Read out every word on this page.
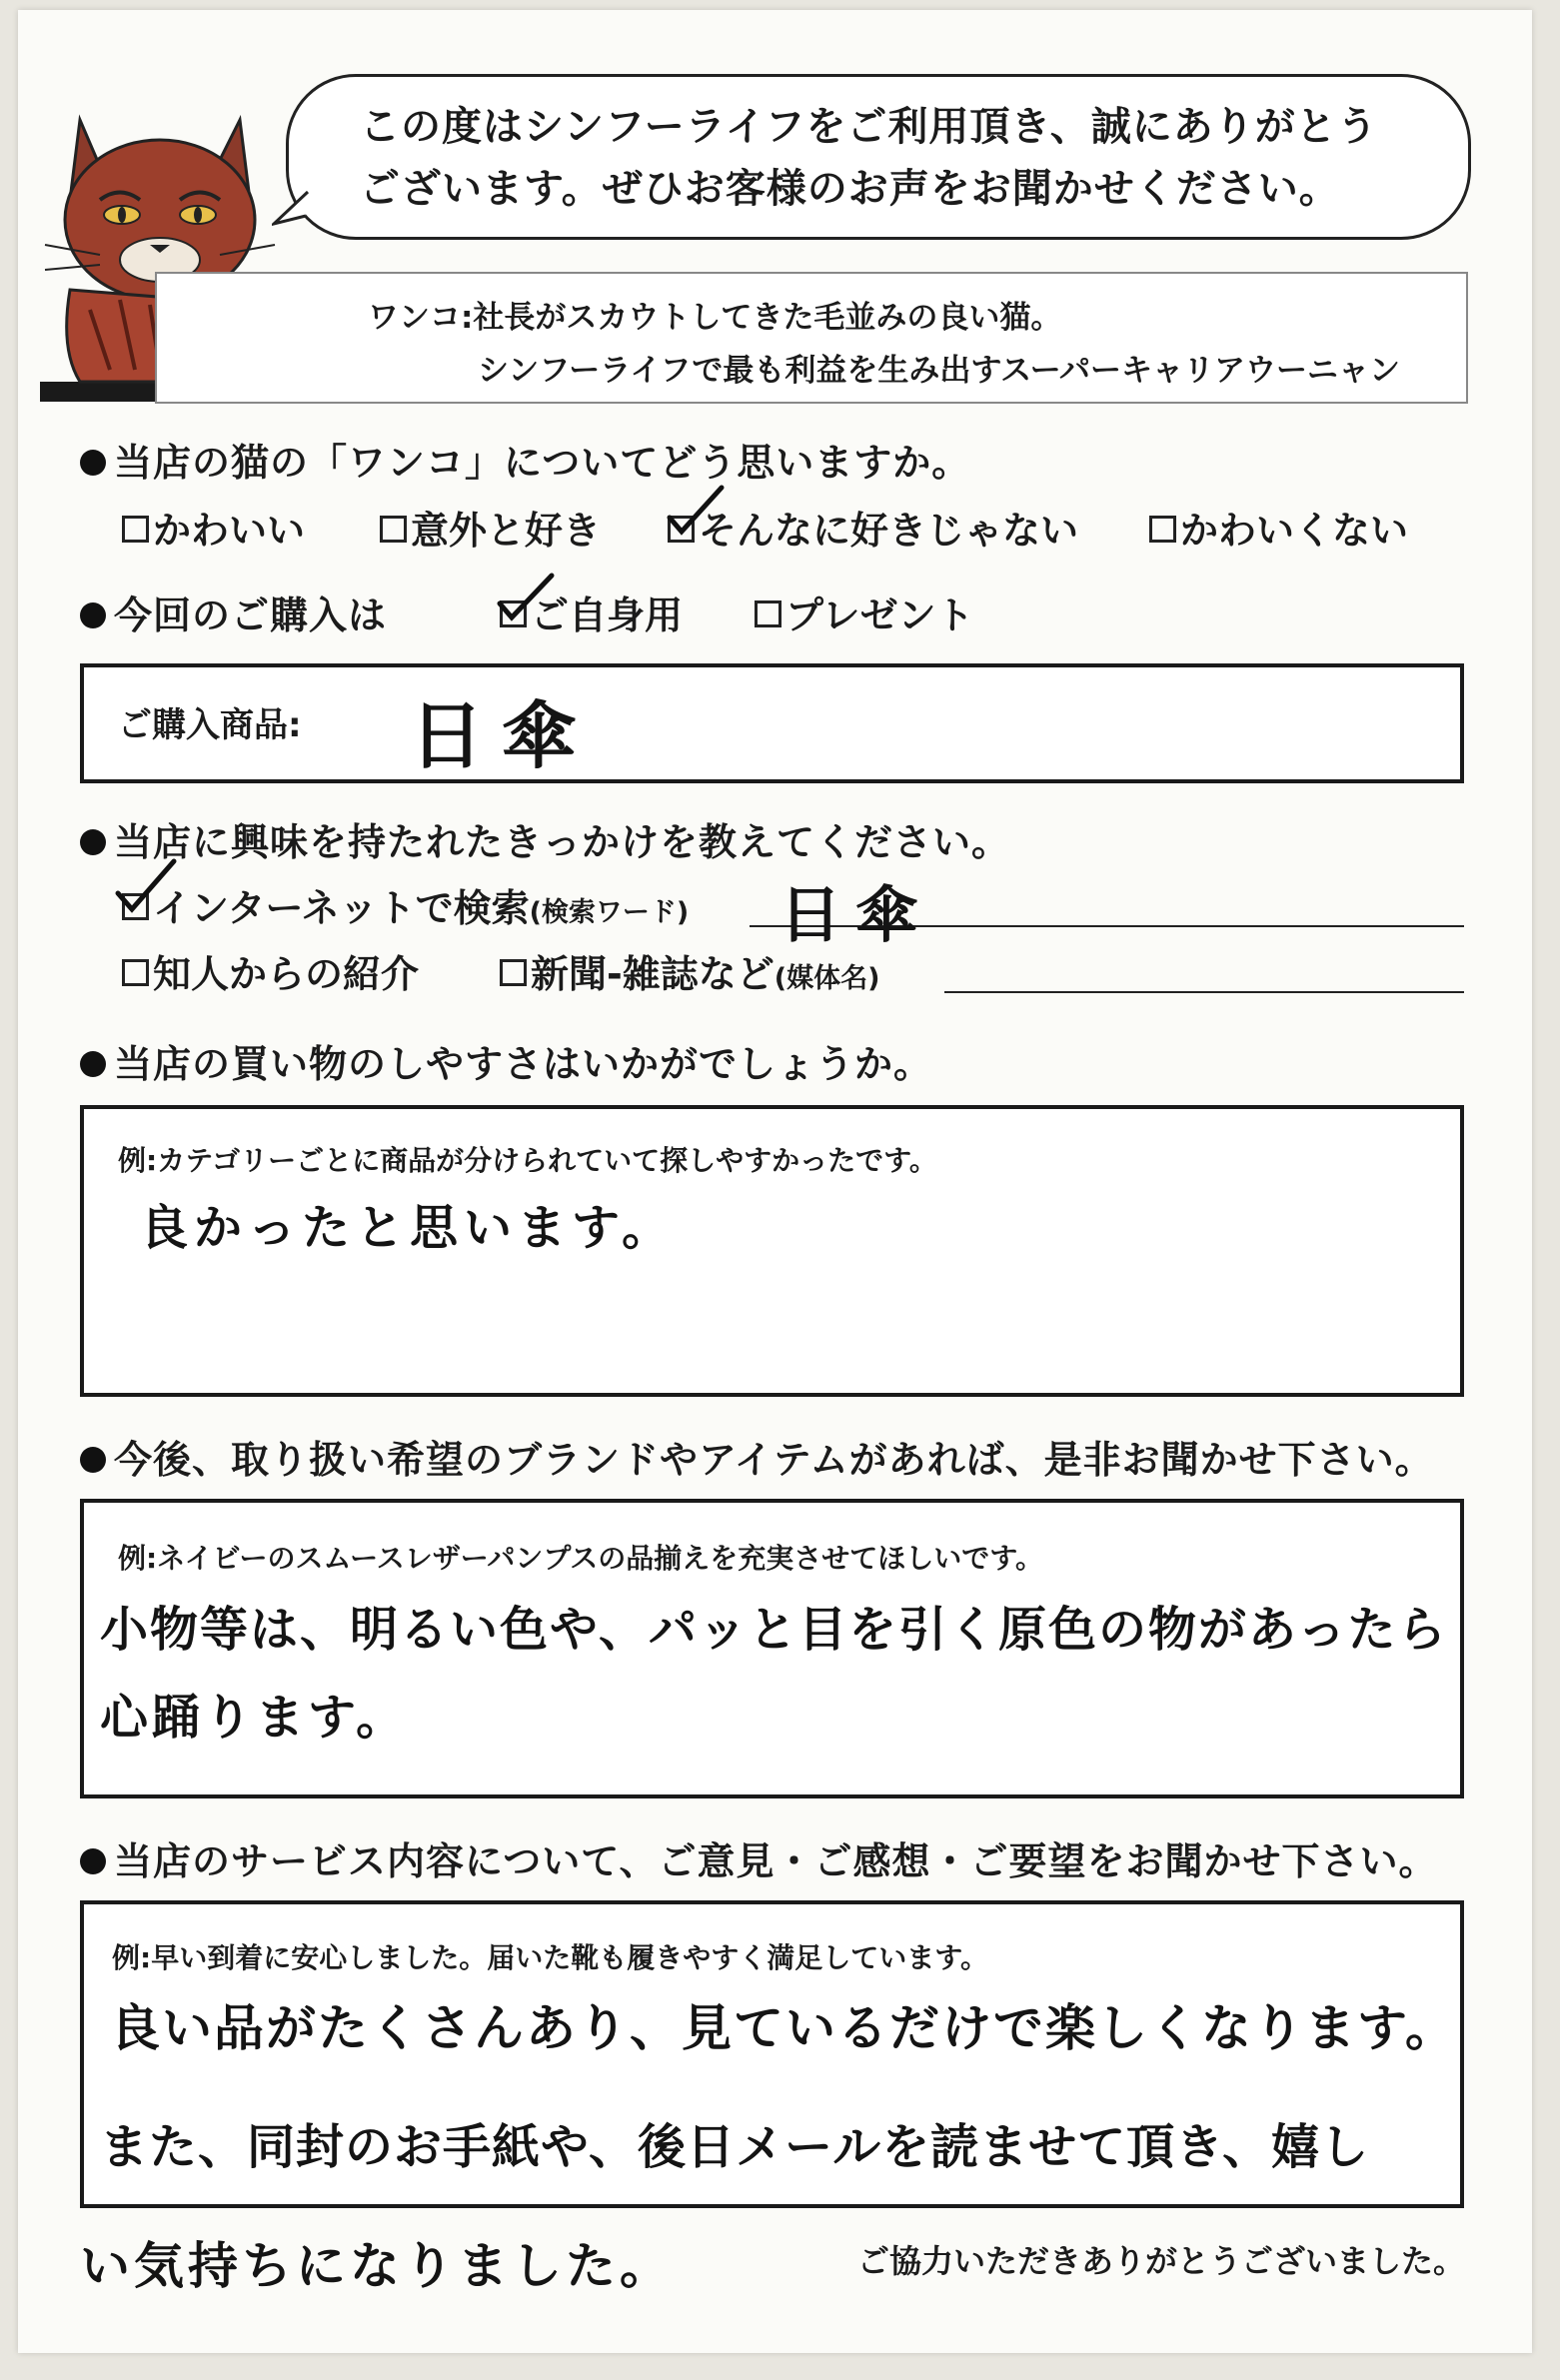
この度はシンフーライフをご利用頂き、誠にありがとう
ございます。ぜひお客様のお声をお聞かせください。
ワンコ:社長がスカウトしてきた毛並みの良い猫。
シンフーライフで最も利益を生み出すスーパーキャリアウーニャン
当店の猫の「ワンコ」についてどう思いますか。
かわいい	意外と好き	そんなに好きじゃない	かわいくない
今回のご購入は	ご自身用	プレゼント
ご購入商品: 日傘
当店に興味を持たれたきっかけを教えてください。
インターネットで検索(検索ワード) 日傘
知人からの紹介	新聞-雑誌など(媒体名)
当店の買い物のしやすさはいかがでしょうか。
例:カテゴリーごとに商品が分けられていて探しやすかったです。
良かったと思います。
今後、取り扱い希望のブランドやアイテムがあれば、是非お聞かせ下さい。
例:ネイビーのスムースレザーパンプスの品揃えを充実させてほしいです。
小物等は、明るい色や、パッと目を引く原色の物があったら
心踊ります。
当店のサービス内容について、ご意見・ご感想・ご要望をお聞かせ下さい。
例:早い到着に安心しました。届いた靴も履きやすく満足しています。
良い品がたくさんあり、見ているだけで楽しくなります。
また、同封のお手紙や、後日メールを読ませて頂き、嬉し
い気持ちになりました。	ご協力いただきありがとうございました。
